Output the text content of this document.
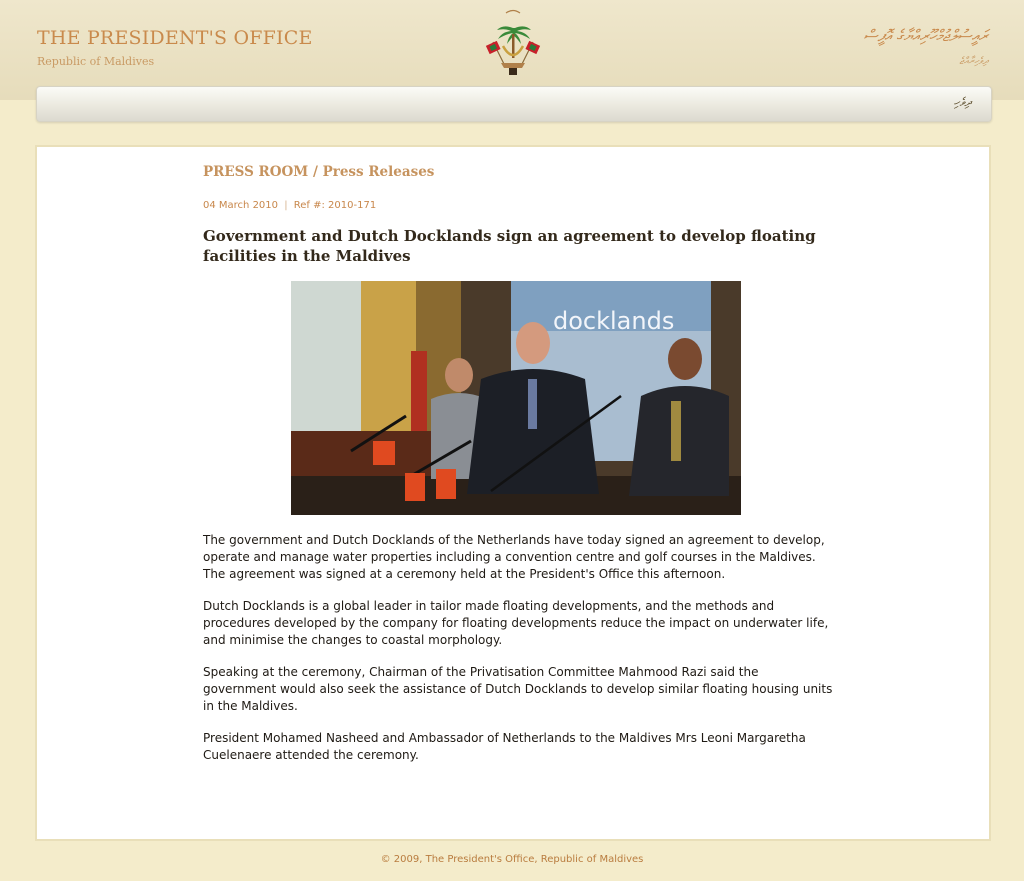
THE PRESIDENT'S OFFICE
Republic of Maldives
ރައީސުލްޖުމްހޫރިއްޔާގެ އޮފީސް
ދިވެހިރާއްޖެ
ދިވެހި
PRESS ROOM / Press Releases
04 March 2010 | Ref #: 2010-171
Government and Dutch Docklands sign an agreement to develop floating facilities in the Maldives
docklands

The government and Dutch Docklands of the Netherlands have today signed an agreement to develop, operate and manage water properties including a convention centre and golf courses in the Maldives. The agreement was signed at a ceremony held at the President's Office this afternoon.

Dutch Docklands is a global leader in tailor made floating developments, and the methods and procedures developed by the company for floating developments reduce the impact on underwater life, and minimise the changes to coastal morphology.

Speaking at the ceremony, Chairman of the Privatisation Committee Mahmood Razi said the government would also seek the assistance of Dutch Docklands to develop similar floating housing units in the Maldives.

President Mohamed Nasheed and Ambassador of Netherlands to the Maldives Mrs Leoni Margaretha Cuelenaere attended the ceremony.

© 2009, The President's Office, Republic of Maldives
